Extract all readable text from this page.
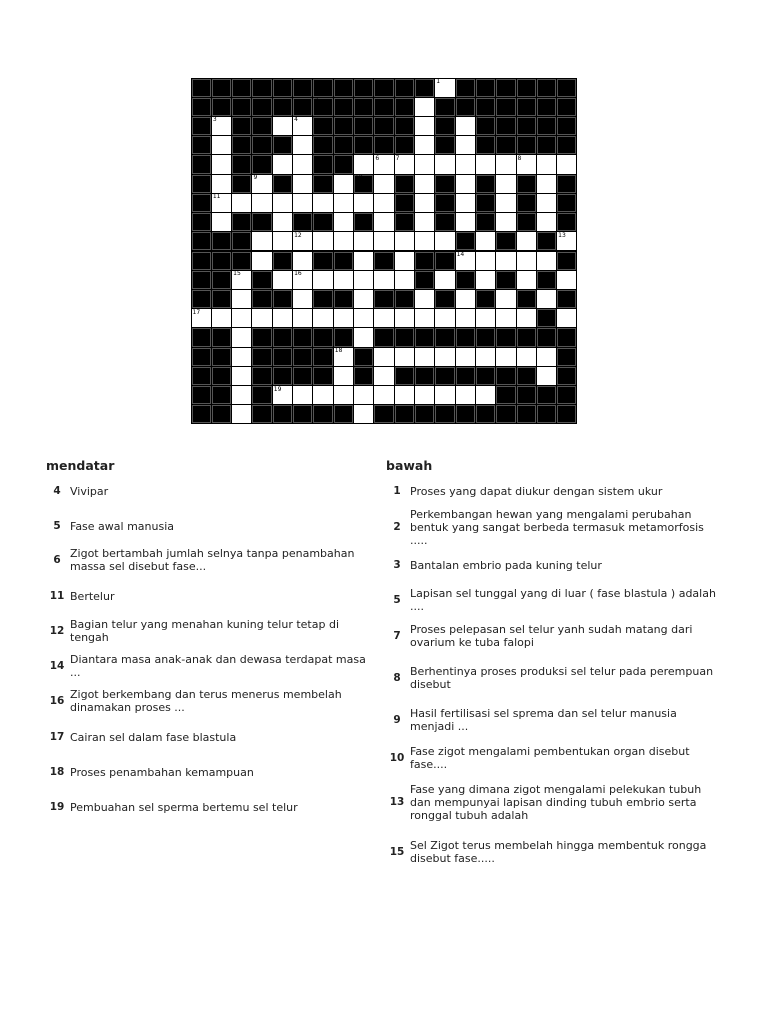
1
2
3	4	5
6	7	8
9	10
11
12	13
14
15	16
17
18
19
mendatar
4 Vivipar
5 Fase awal manusia
6 Zigot bertambah jumlah selnya tanpa penambahan massa sel disebut fase...
11 Bertelur
12 Bagian telur yang menahan kuning telur tetap di tengah
14 Diantara masa anak-anak dan dewasa terdapat masa ...
16 Zigot berkembang dan terus menerus membelah dinamakan proses ...
17 Cairan sel dalam fase blastula
18 Proses penambahan kemampuan
19 Pembuahan sel sperma bertemu sel telur
bawah
1 Proses yang dapat diukur dengan sistem ukur
2
Perkembangan hewan yang mengalami perubahan bentuk yang sangat berbeda termasuk metamorfosis .....
3 Bantalan embrio pada kuning telur
5 Lapisan sel tunggal yang di luar ( fase blastula ) adalah ....
7 Proses pelepasan sel telur yanh sudah matang dari ovarium ke tuba falopi
8 Berhentinya proses produksi sel telur pada perempuan disebut
9 Hasil fertilisasi sel sprema dan sel telur manusia menjadi ...
10 Fase zigot mengalami pembentukan organ disebut fase....
13
Fase yang dimana zigot mengalami pelekukan tubuh dan mempunyai lapisan dinding tubuh embrio serta ronggal tubuh adalah
15 Sel Zigot terus membelah hingga membentuk rongga disebut fase.....
